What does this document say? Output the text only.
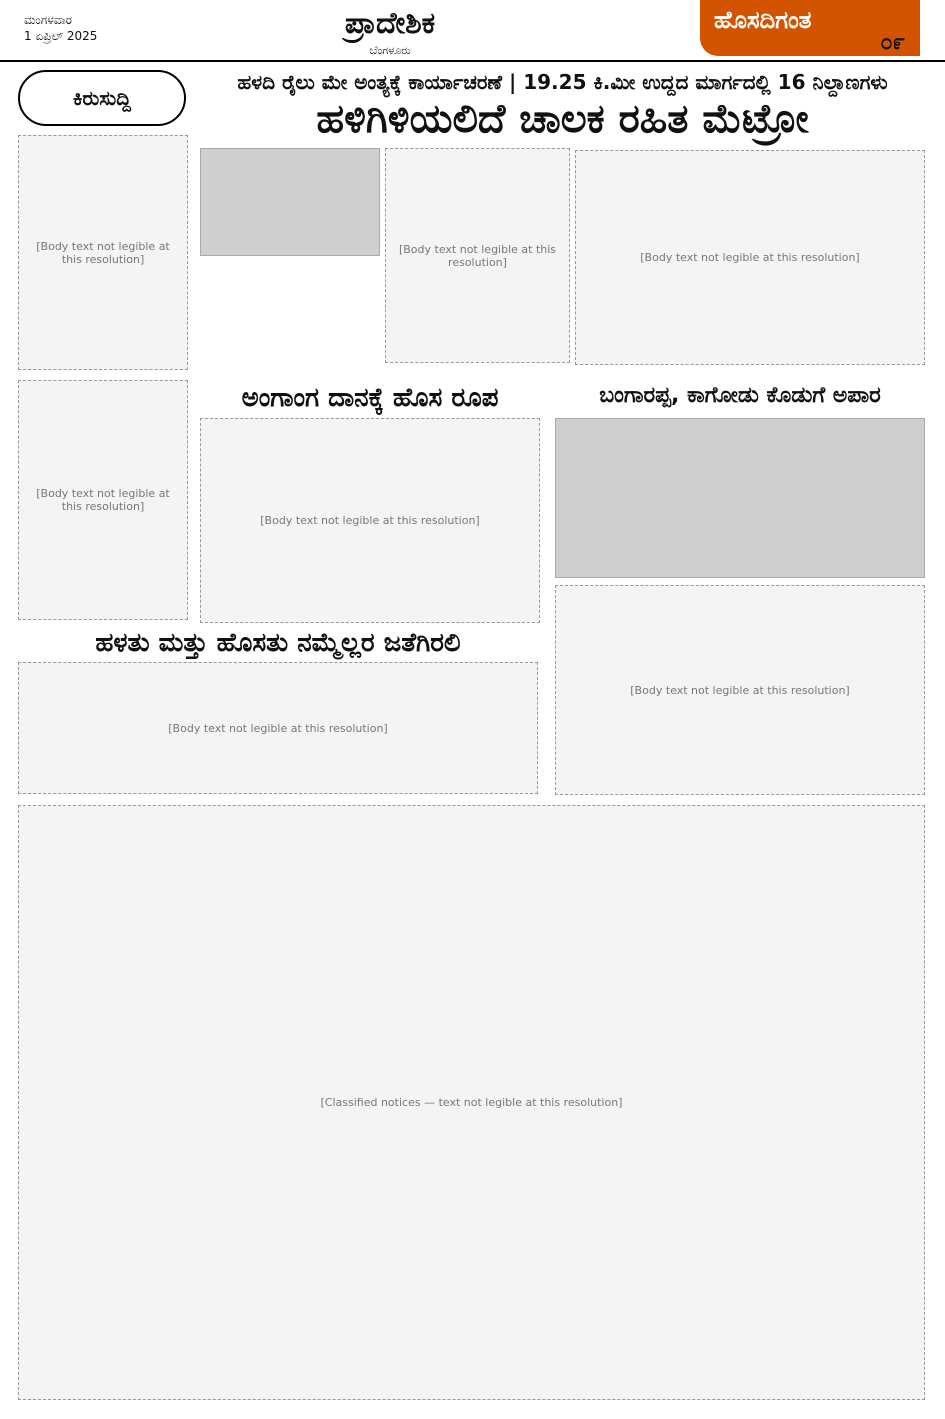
ಮಂಗಳವಾರ
1 ಏಪ್ರಿಲ್ 2025	ಪ್ರಾದೇಶಿಕ
ಬೆಂಗಳೂರು
ಹೊಸದಿಗಂತ
೦೯
ಕಿರುಸುದ್ದಿ
ಹಳದಿ ರೈಲು ಮೇ ಅಂತ್ಯಕ್ಕೆ ಕಾರ್ಯಾಚರಣೆ | 19.25 ಕಿ.ಮೀ ಉದ್ದದ ಮಾರ್ಗದಲ್ಲಿ 16 ನಿಲ್ದಾಣಗಳು
ಹಳಿಗಿಳಿಯಲಿದೆ ಚಾಲಕ ರಹಿತ ಮೆಟ್ರೋ
[Body text not legible at this resolution]
[Body text not legible at this resolution]	[Body text not legible at this resolution]
ಅಂಗಾಂಗ ದಾನಕ್ಕೆ ಹೊಸ ರೂಪ	ಬಂಗಾರಪ್ಪ, ಕಾಗೋಡು ಕೊಡುಗೆ ಅಪಾರ
[Body text not legible at this resolution]
[Body text not legible at this resolution]
[Body text not legible at this resolution]
ಹಳತು ಮತ್ತು ಹೊಸತು ನಮ್ಮೆಲ್ಲರ ಜತೆಗಿರಲಿ
[Body text not legible at this resolution]
[Classified notices — text not legible at this resolution]
